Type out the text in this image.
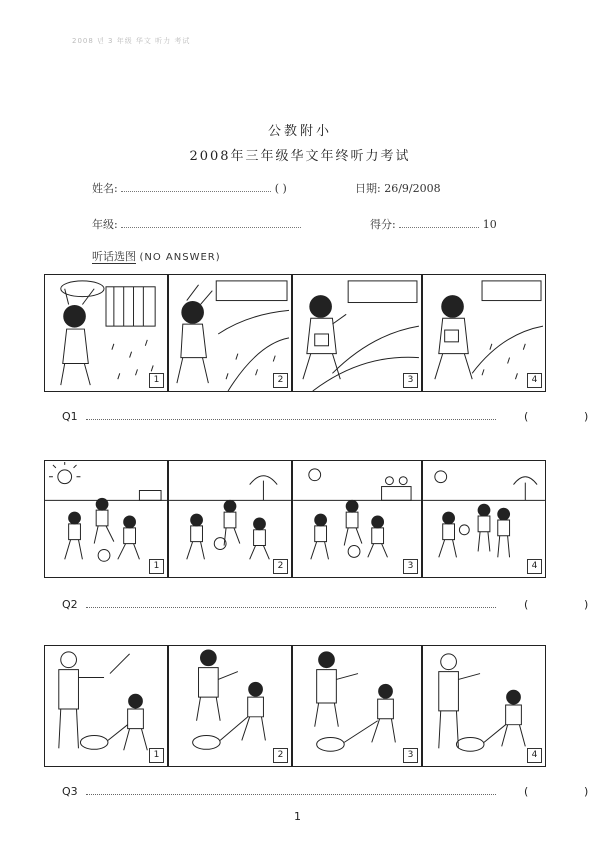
2008 년 3 年级 华文 听力 考试
公教附小
2008年三年级华文年终听力考试
姓名:	( )	日期: 26/9/2008
年级:	得分:	10
听话选图 (NO ANSWER)
1	2	3	4
Q1	(	)
1	2	3	4
Q2	(	)
1	2	3	4
Q3	(	)
1
